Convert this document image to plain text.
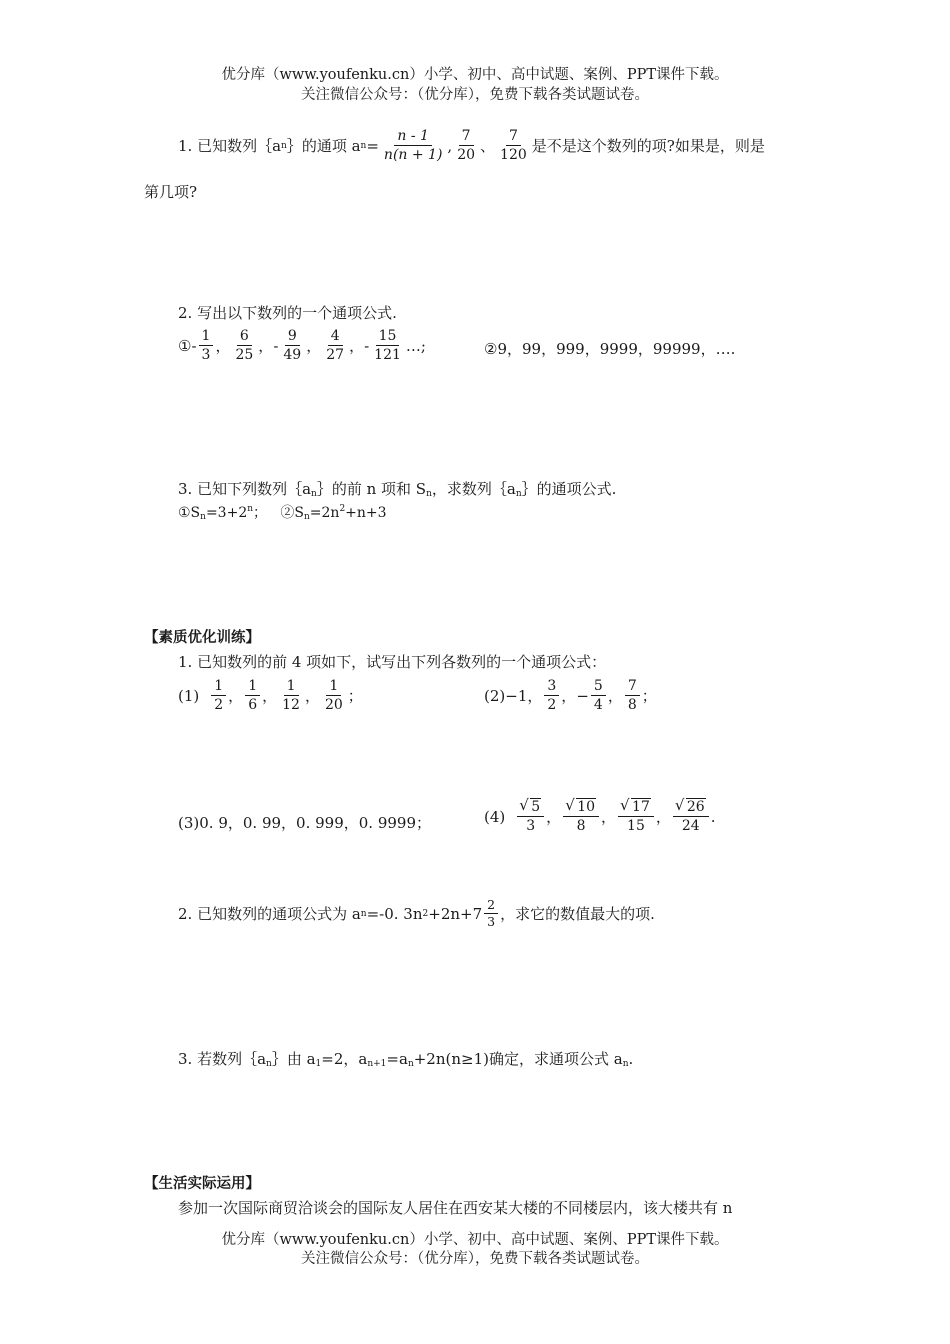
优分库（www.youfenku.cn）小学、初中、高中试题、案例、PPT课件下载。
关注微信公众号：（优分库），免费下载各类试题试卷。
1. 已知数列｛a n ｝的通项 a $n = \frac{n - 1}{n(n + 1)}$ , $\frac{7}{20}$ 、 $\frac{7}{120}$ 是不是这个数列的项?如果是，则是
第几项?
2. 写出以下数列的一个通项公式.
① - $\frac{1}{3}$ ， $\frac{6}{25}$ ， - $\frac{9}{49}$ ， $\frac{4}{27}$ ， - $\frac{15}{121}$ …;	②9，99，999，9999，99999，….
3. 已知下列数列$\{a_n\}$的前 n 项和 $S_n$，求数列$\{a_n\}$的通项公式.
$①S_n=3+2^n$； $②S_n=2n^2+n+3$
【素质优化训练】
1. 已知数列的前 4 项如下，试写出下列各数列的一个通项公式：
$(1) \frac{1}{2}$ ， $\frac{1}{6}$ ， $\frac{1}{12}$ ， $\frac{1}{20}$ ；	(2)−1， $\frac{3}{2}$ ， − $\frac{5}{4}$ ， $\frac{7}{8}$ ；
(3)0. 9，0. 99，0. 999，0. 9999；	(4) √ $\frac{5}{3}$ ， √ $\frac{10}{8}$ ， √ $\frac{17}{15}$ ， √ $\frac{26}{24}$ .
2. 已知数列的通项公式为 a n =-0. 3n $2 +2n+7 \frac{2}{3}$ ，求它的数值最大的项.
3. 若数列$\{a_n\}$由 $a_1=2$，$a_{n+1}=a_n+2n(n\ge 1)$确定，求通项公式 $a_n$.
【生活实际运用】
参加一次国际商贸洽谈会的国际友人居住在西安某大楼的不同楼层内，该大楼共有 n
优分库（www.youfenku.cn）小学、初中、高中试题、案例、PPT课件下载。
关注微信公众号：（优分库），免费下载各类试题试卷。
